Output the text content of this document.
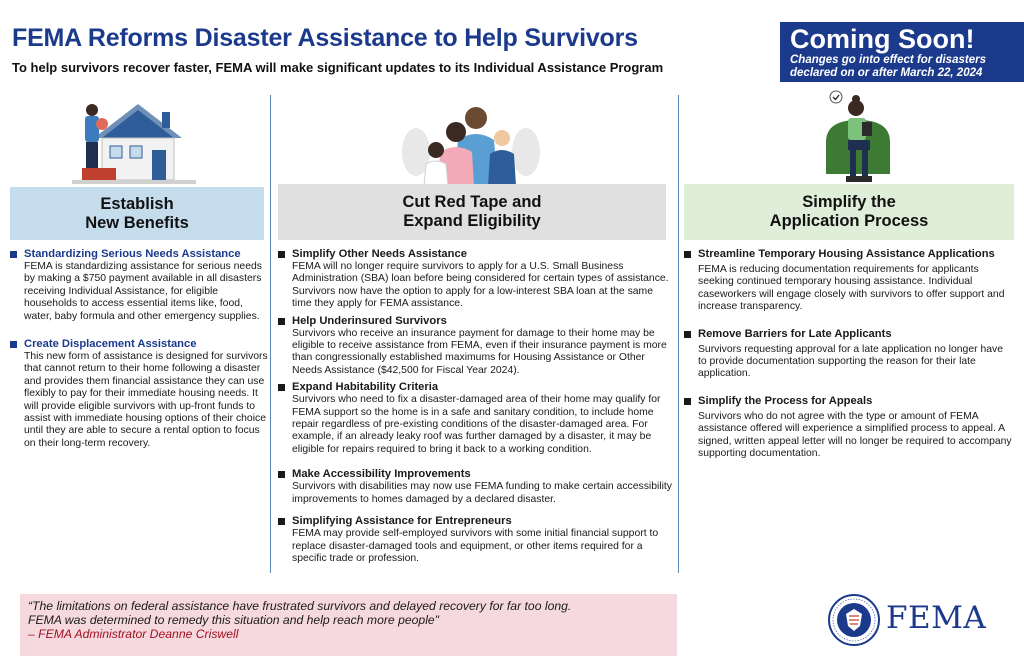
FEMA Reforms Disaster Assistance to Help Survivors
To help survivors recover faster, FEMA will make significant updates to its Individual Assistance Program
Coming Soon!
Changes go into effect for disasters declared on or after March 22, 2024
Establish
New Benefits
Cut Red Tape and
Expand Eligibility
Simplify the
Application Process
Standardizing Serious Needs Assistance
FEMA is standardizing assistance for serious needs by making a $750 payment available in all disasters receiving Individual Assistance, for eligible households to access essential items like, food, water, baby formula and other emergency supplies.
Create Displacement Assistance
This new form of assistance is designed for survivors that cannot return to their home following a disaster and provides them financial assistance they can use flexibly to pay for their immediate housing needs. It will provide eligible survivors with up-front funds to assist with immediate housing options of their choice until they are able to secure a rental option to focus on their long-term recovery.
Simplify Other Needs Assistance
FEMA will no longer require survivors to apply for a U.S. Small Business Administration (SBA) loan before being considered for certain types of assistance. Survivors now have the option to apply for a low-interest SBA loan at the same time they apply for FEMA assistance.
Help Underinsured Survivors
Survivors who receive an insurance payment for damage to their home may be eligible to receive assistance from FEMA, even if their insurance payment is more than congressionally established maximums for Housing Assistance or Other Needs Assistance ($42,500 for Fiscal Year 2024).
Expand Habitability Criteria
Survivors who need to fix a disaster-damaged area of their home may qualify for FEMA support so the home is in a safe and sanitary condition, to include home repair regardless of pre-existing conditions of the disaster-damaged area. For example, if an already leaky roof was further damaged by a disaster, it may be eligible for repairs required to bring it back to a working condition.
Make Accessibility Improvements
Survivors with disabilities may now use FEMA funding to make certain accessibility improvements to homes damaged by a declared disaster.
Simplifying Assistance for Entrepreneurs
FEMA may provide self-employed survivors with some initial financial support to replace disaster-damaged tools and equipment, or other items required for a specific trade or profession.
Streamline Temporary Housing Assistance Applications
FEMA is reducing documentation requirements for applicants seeking continued temporary housing assistance. Individual caseworkers will engage closely with survivors to offer support and increase transparency.
Remove Barriers for Late Applicants
Survivors requesting approval for a late application no longer have to provide documentation supporting the reason for their late application.
Simplify the Process for Appeals
Survivors who do not agree with the type or amount of FEMA assistance offered will experience a simplified process to appeal. A signed, written appeal letter will no longer be required to accompany supporting documentation.
“The limitations on federal assistance have frustrated survivors and delayed recovery for far too long.
FEMA was determined to remedy this situation and help reach more people"
– FEMA Administrator Deanne Criswell	FEMA
